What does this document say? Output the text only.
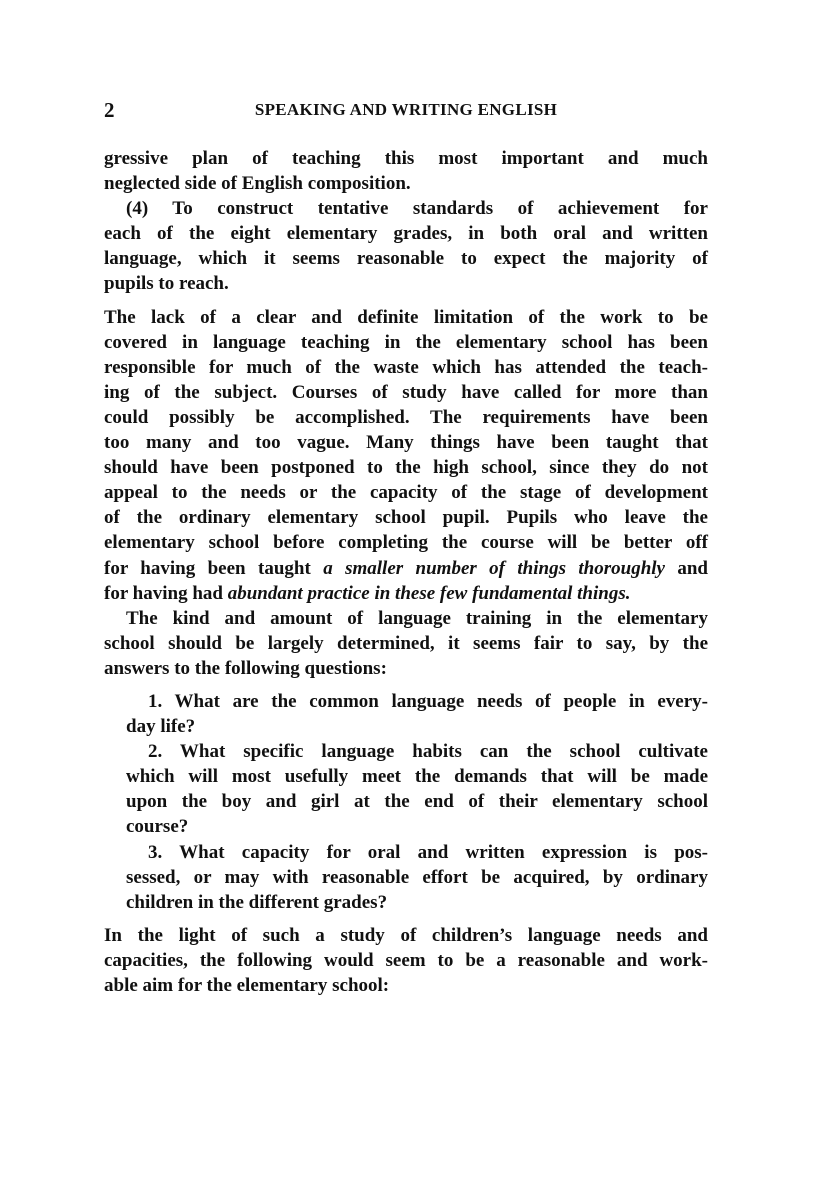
2	SPEAKING AND WRITING ENGLISH
gressive plan of teaching this most important and much
neglected side of English composition.
(4) To construct tentative standards of achievement for
each of the eight elementary grades, in both oral and written
language, which it seems reasonable to expect the majority of
pupils to reach.
The lack of a clear and definite limitation of the work to be
covered in language teaching in the elementary school has been
responsible for much of the waste which has attended the teach-
ing of the subject. Courses of study have called for more than
could possibly be accomplished. The requirements have been
too many and too vague. Many things have been taught that
should have been postponed to the high school, since they do not
appeal to the needs or the capacity of the stage of development
of the ordinary elementary school pupil. Pupils who leave the
elementary school before completing the course will be better off
for having been taught a smaller number of things thoroughly and
for having had abundant practice in these few fundamental things.
The kind and amount of language training in the elementary
school should be largely determined, it seems fair to say, by the
answers to the following questions:
1. What are the common language needs of people in every-
day life?
2. What specific language habits can the school cultivate
which will most usefully meet the demands that will be made
upon the boy and girl at the end of their elementary school
course?
3. What capacity for oral and written expression is pos-
sessed, or may with reasonable effort be acquired, by ordinary
children in the different grades?
In the light of such a study of children’s language needs and
capacities, the following would seem to be a reasonable and work-
able aim for the elementary school:
